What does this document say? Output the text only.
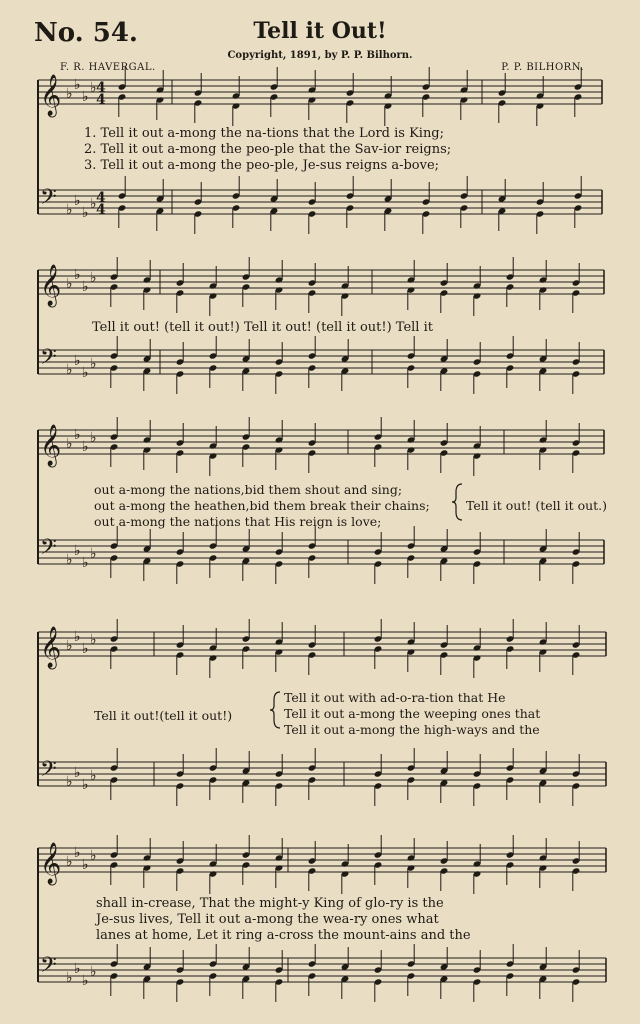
No. 54.	Tell it Out!
Copyright, 1891, by P. P. Bilhorn.
F. R. HAVERGAL.	P. P. BILHORN.
𝄞
𝄢
♭
♭
♭
♭
♭
♭
♭
♭
𝄞
𝄢
♭
♭
♭
♭
♭
♭
♭
♭
𝄞
𝄢
♭
♭
♭
♭
♭
♭
♭
♭
𝄞
𝄢
♭
♭
♭
♭
♭
♭
♭
♭
𝄞
𝄢
♭
♭
♭
♭
♭
♭
♭
♭
4
4
4
4
1. Tell it out a-mong the na-tions that the Lord is King;
2. Tell it out a-mong the peo-ple that the Sav-ior reigns;
3. Tell it out a-mong the peo-ple, Je-sus reigns a-bove;
Tell it out! (tell it out!) Tell it out! (tell it out!) Tell it
out a-mong the nations,bid them shout and sing;
out a-mong the heathen,bid them break their chains;
out a-mong the nations that His reign is love;
Tell it out! (tell it out.)
Tell it out!(tell it out!)
Tell it out with ad-o-ra-tion that He
Tell it out a-mong the weeping ones that
Tell it out a-mong the high-ways and the
shall in-crease, That the might-y King of glo-ry is the
Je-sus lives, Tell it out a-mong the wea-ry ones what
lanes at home, Let it ring a-cross the mount-ains and the
